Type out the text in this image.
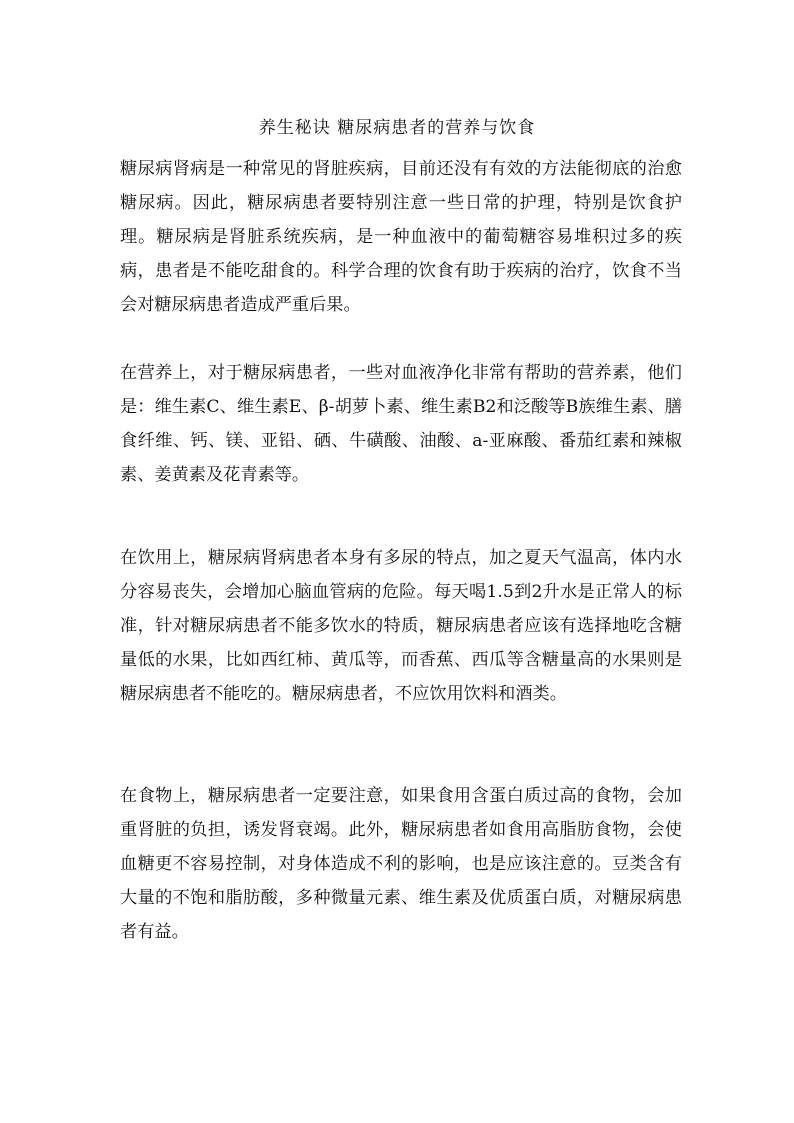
养生秘诀 糖尿病患者的营养与饮食

糖尿病肾病是一种常见的肾脏疾病，目前还没有有效的方法能彻底的治愈糖尿病。因此，糖尿病患者要特别注意一些日常的护理，特别是饮食护理。糖尿病是肾脏系统疾病，是一种血液中的葡萄糖容易堆积过多的疾病，患者是不能吃甜食的。科学合理的饮食有助于疾病的治疗，饮食不当会对糖尿病患者造成严重后果。

在营养上，对于糖尿病患者，一些对血液净化非常有帮助的营养素，他们是：维生素C、维生素E、β-胡萝卜素、维生素B2和泛酸等B族维生素、膳食纤维、钙、镁、亚铅、硒、牛磺酸、油酸、a-亚麻酸、番茄红素和辣椒素、姜黄素及花青素等。

在饮用上，糖尿病肾病患者本身有多尿的特点，加之夏天气温高，体内水分容易丧失，会增加心脑血管病的危险。每天喝1.5到2升水是正常人的标准，针对糖尿病患者不能多饮水的特质，糖尿病患者应该有选择地吃含糖量低的水果，比如西红柿、黄瓜等，而香蕉、西瓜等含糖量高的水果则是糖尿病患者不能吃的。糖尿病患者，不应饮用饮料和酒类。

在食物上，糖尿病患者一定要注意，如果食用含蛋白质过高的食物，会加重肾脏的负担，诱发肾衰竭。此外，糖尿病患者如食用高脂肪食物，会使血糖更不容易控制，对身体造成不利的影响，也是应该注意的。豆类含有大量的不饱和脂肪酸，多种微量元素、维生素及优质蛋白质，对糖尿病患者有益。
